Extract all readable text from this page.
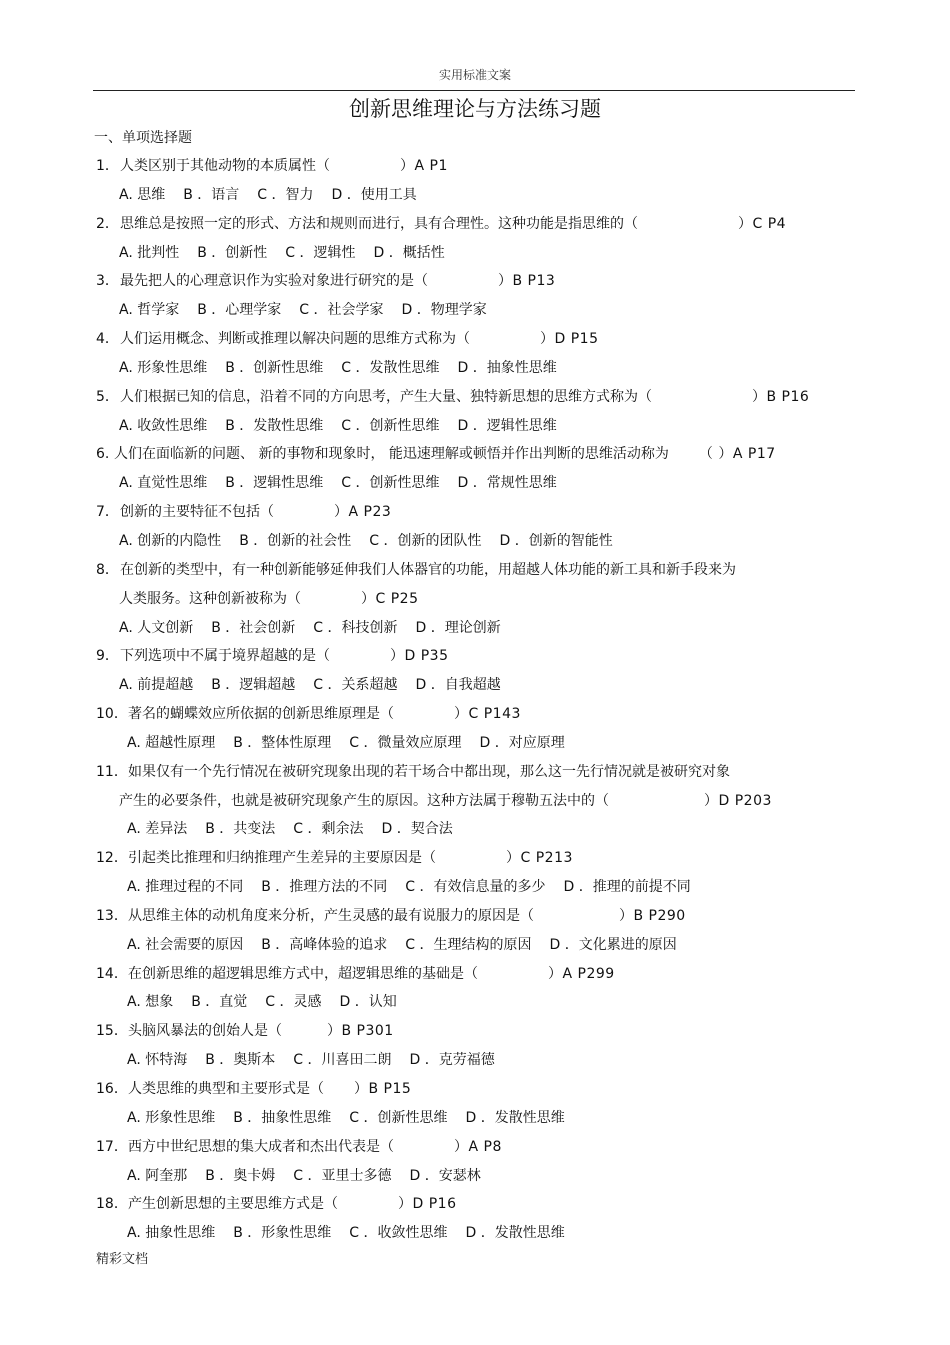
实用标准文案
创新思维理论与方法练习题
一、单项选择题
1．人类区别于其他动物的本质属性（	）A P1
A. 思维 B ．语言 C ．智力 D ．使用工具
2．思维总是按照一定的形式、方法和规则而进行，具有合理性。这种功能是指思维的（	）C P4
A. 批判性 B ．创新性 C ．逻辑性 D ．概括性
3．最先把人的心理意识作为实验对象进行研究的是（	）B P13
A. 哲学家 B ．心理学家 C ．社会学家 D ．物理学家
4．人们运用概念、判断或推理以解决问题的思维方式称为（	）D P15
A. 形象性思维 B ．创新性思维 C ．发散性思维 D ．抽象性思维
5．人们根据已知的信息，沿着不同的方向思考，产生大量、独特新思想的思维方式称为（	）B P16
A. 收敛性思维 B ．发散性思维 C ．创新性思维 D ．逻辑性思维
6. 人们在面临新的问题、 新的事物和现象时， 能迅速理解或顿悟并作出判断的思维活动称为 （ ）A P17
A. 直觉性思维 B ．逻辑性思维 C ．创新性思维 D ．常规性思维
7．创新的主要特征不包括（	）A P23
A. 创新的内隐性 B ．创新的社会性 C ．创新的团队性 D ．创新的智能性
8．在创新的类型中，有一种创新能够延伸我们人体器官的功能，用超越人体功能的新工具和新手段来为
人类服务。这种创新被称为（	）C P25
A. 人文创新 B ．社会创新 C ．科技创新 D ．理论创新
9．下列选项中不属于境界超越的是（	）D P35
A. 前提超越 B ．逻辑超越 C ．关系超越 D ．自我超越
10．著名的蝴蝶效应所依据的创新思维原理是（	）C P143
A. 超越性原理 B ．整体性原理 C ．微量效应原理 D ．对应原理
11．如果仅有一个先行情况在被研究现象出现的若干场合中都出现，那么这一先行情况就是被研究对象
产生的必要条件，也就是被研究现象产生的原因。这种方法属于穆勒五法中的（	）D P203
A. 差异法 B ．共变法 C ．剩余法 D ．契合法
12．引起类比推理和归纳推理产生差异的主要原因是（	）C P213
A. 推理过程的不同 B ．推理方法的不同 C ．有效信息量的多少 D ．推理的前提不同
13．从思维主体的动机角度来分析，产生灵感的最有说服力的原因是（	）B P290
A. 社会需要的原因 B ．高峰体验的追求 C ．生理结构的原因 D ．文化累进的原因
14．在创新思维的超逻辑思维方式中，超逻辑思维的基础是（	）A P299
A. 想象 B ．直觉 C ．灵感 D ．认知
15．头脑风暴法的创始人是（	）B P301
A. 怀特海 B ．奥斯本 C ．川喜田二朗 D ．克劳福德
16．人类思维的典型和主要形式是（ ）B P15
A. 形象性思维 B ．抽象性思维 C ．创新性思维 D ．发散性思维
17．西方中世纪思想的集大成者和杰出代表是（	）A P8
A. 阿奎那 B ．奥卡姆 C ．亚里士多德 D ．安瑟林
18．产生创新思想的主要思维方式是（	）D P16
A. 抽象性思维 B ．形象性思维 C ．收敛性思维 D ．发散性思维
精彩文档
